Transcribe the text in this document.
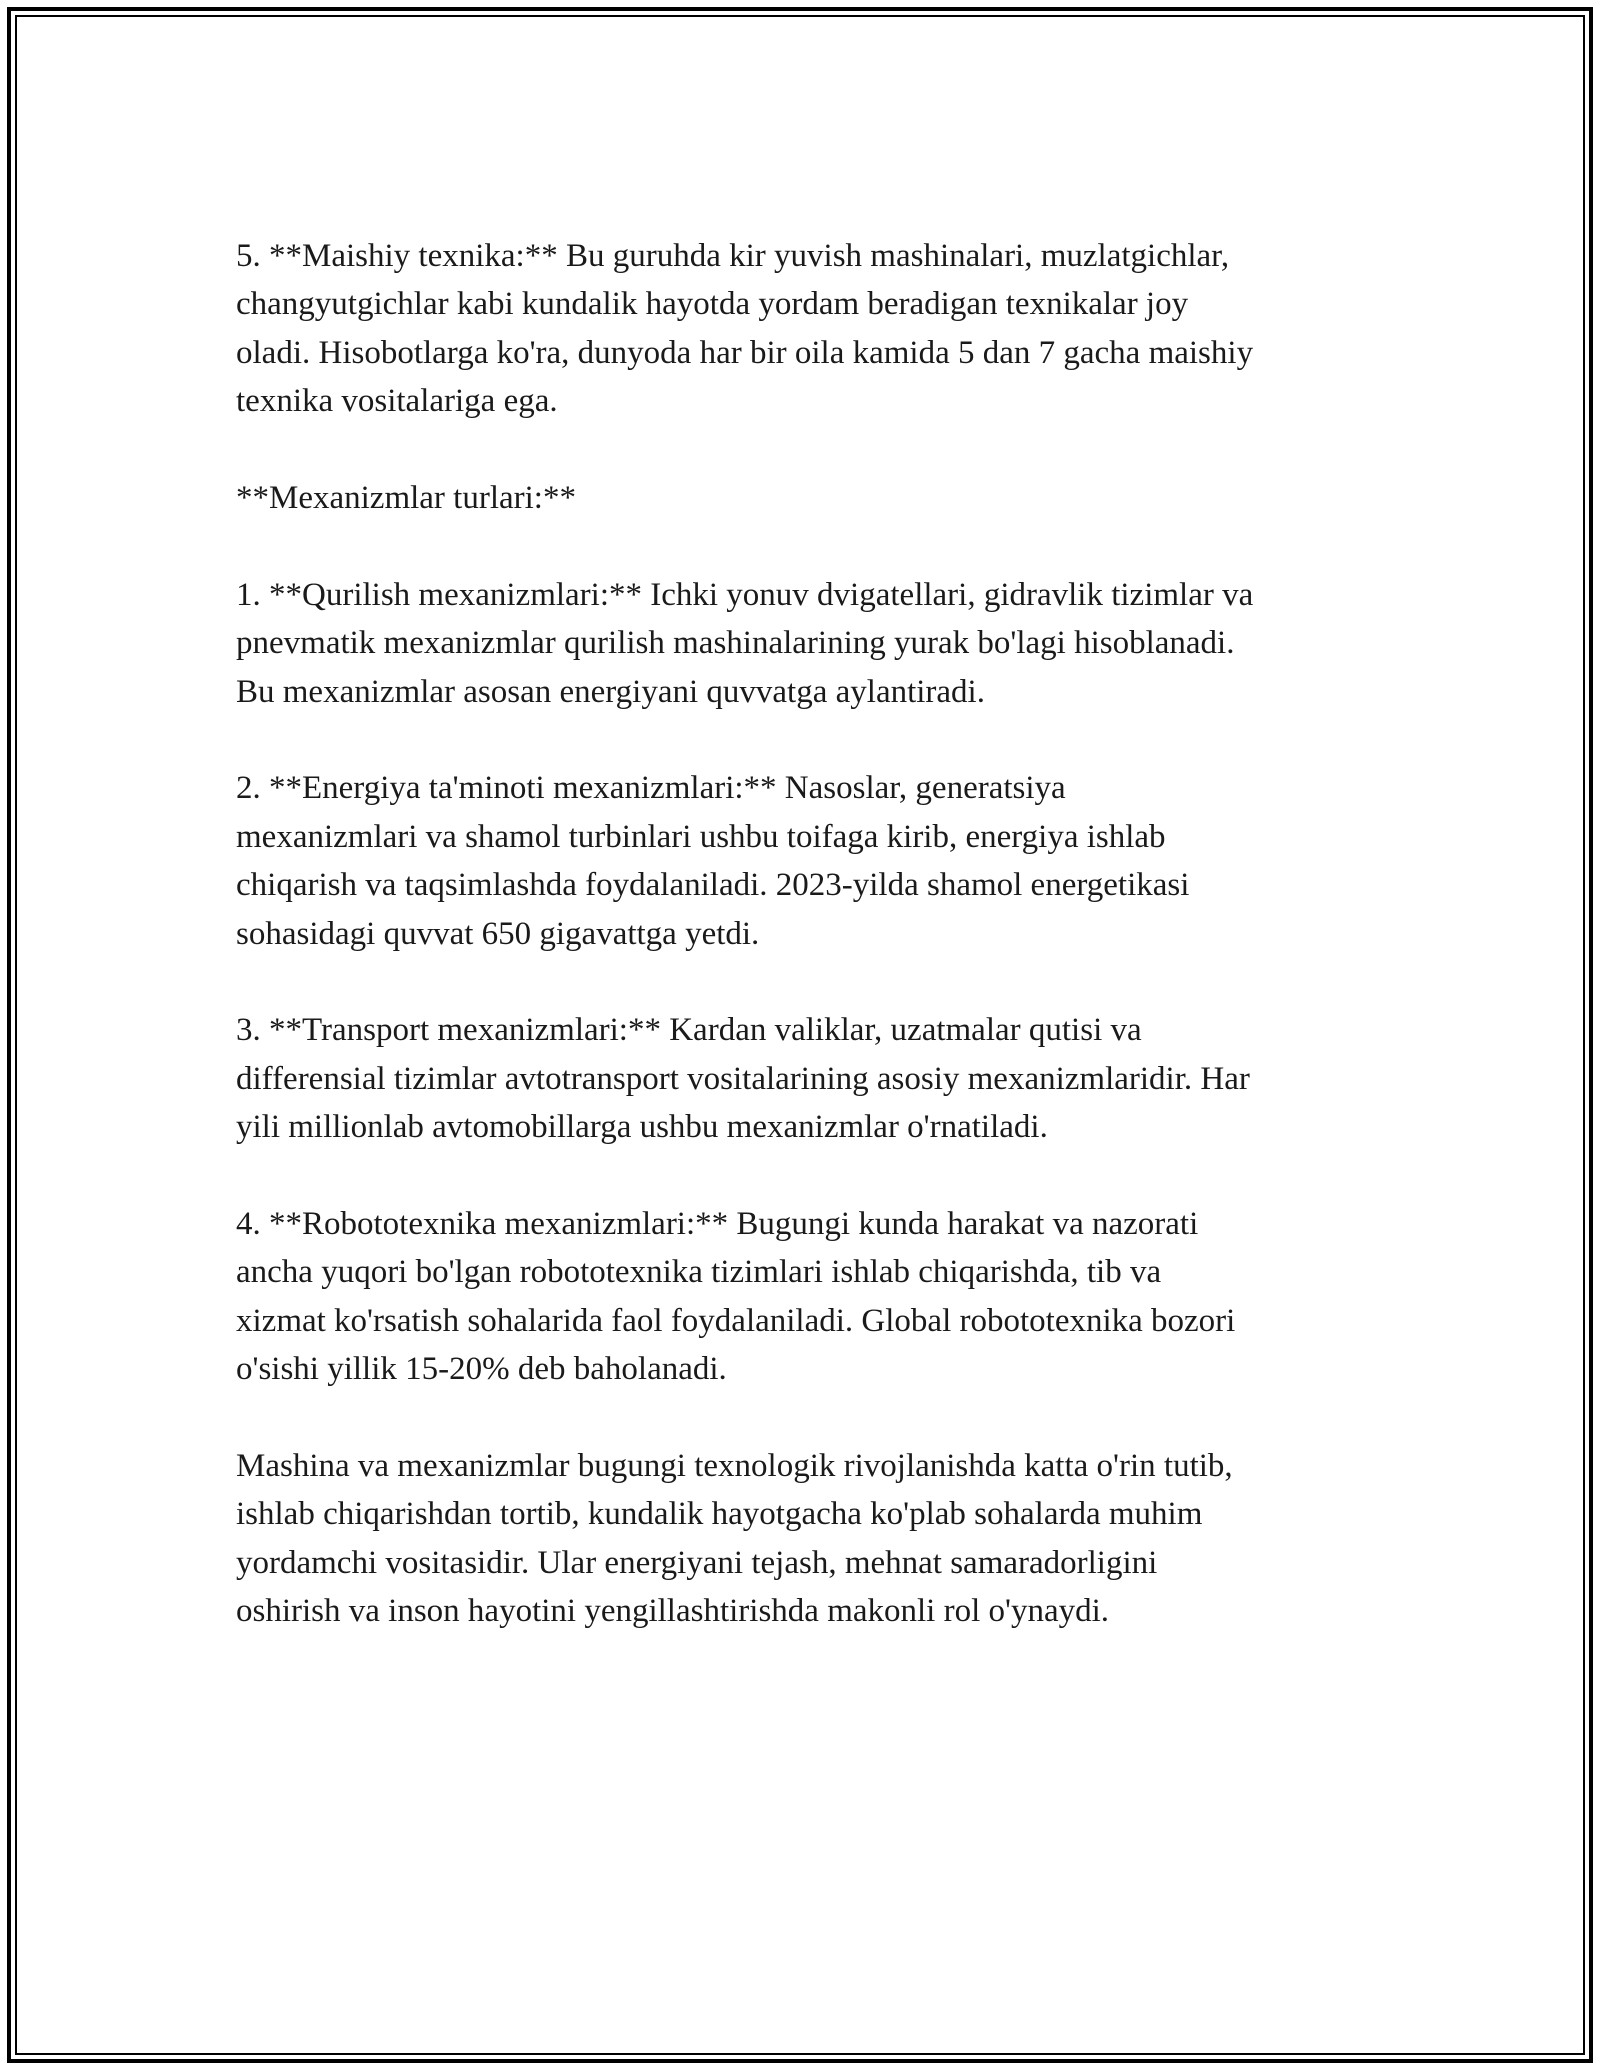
5. **Maishiy texnika:** Bu guruhda kir yuvish mashinalari, muzlatgichlar,
changyutgichlar kabi kundalik hayotda yordam beradigan texnikalar joy
oladi. Hisobotlarga ko'ra, dunyoda har bir oila kamida 5 dan 7 gacha maishiy
texnika vositalariga ega.

**Mexanizmlar turlari:**

1. **Qurilish mexanizmlari:** Ichki yonuv dvigatellari, gidravlik tizimlar va
pnevmatik mexanizmlar qurilish mashinalarining yurak bo'lagi hisoblanadi.
Bu mexanizmlar asosan energiyani quvvatga aylantiradi.

2. **Energiya ta'minoti mexanizmlari:** Nasoslar, generatsiya
mexanizmlari va shamol turbinlari ushbu toifaga kirib, energiya ishlab
chiqarish va taqsimlashda foydalaniladi. 2023-yilda shamol energetikasi
sohasidagi quvvat 650 gigavattga yetdi.

3. **Transport mexanizmlari:** Kardan valiklar, uzatmalar qutisi va
differensial tizimlar avtotransport vositalarining asosiy mexanizmlaridir. Har
yili millionlab avtomobillarga ushbu mexanizmlar o'rnatiladi.

4. **Robototexnika mexanizmlari:** Bugungi kunda harakat va nazorati
ancha yuqori bo'lgan robototexnika tizimlari ishlab chiqarishda, tib va
xizmat ko'rsatish sohalarida faol foydalaniladi. Global robototexnika bozori
o'sishi yillik 15-20% deb baholanadi.

Mashina va mexanizmlar bugungi texnologik rivojlanishda katta o'rin tutib,
ishlab chiqarishdan tortib, kundalik hayotgacha ko'plab sohalarda muhim
yordamchi vositasidir. Ular energiyani tejash, mehnat samaradorligini
oshirish va inson hayotini yengillashtirishda makonli rol o'ynaydi.
